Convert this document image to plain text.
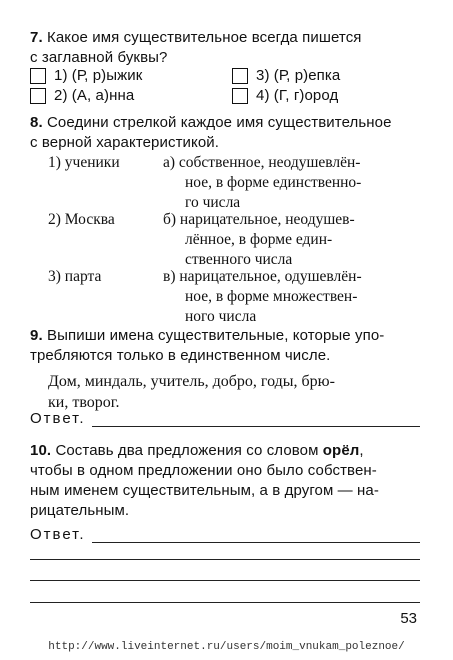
7. Какое имя существительное всегда пишется
с заглавной буквы?
1) (Р, р)ыжик
2) (А, а)нна
3) (Р, р)епка
4) (Г, г)ород
8. Соедини стрелкой каждое имя существительное
с верной характеристикой.
1) ученики	а) собственное, неодушевлён-
ное, в форме единственно-
го числа
2) Москва	б) нарицательное, неодушев-
лённое, в форме един-
ственного числа
3) парта	в) нарицательное, одушевлён-
ное, в форме множествен-
ного числа
9. Выпиши имена существительные, которые упо-
требляются только в единственном числе.
Дом, миндаль, учитель, добро, годы, брю-
ки, творог.
Ответ.
10. Составь два предложения со словом орёл,
чтобы в одном предложении оно было собствен-
ным именем существительным, а в другом — на-
рицательным.
Ответ.
53
http://www.liveinternet.ru/users/moim_vnukam_poleznoe/
